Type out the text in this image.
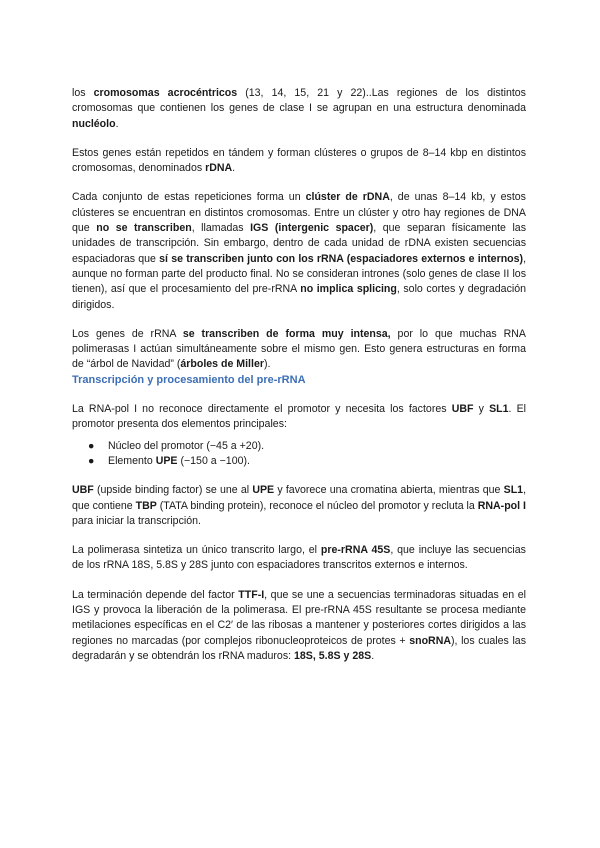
los cromosomas acrocéntricos (13, 14, 15, 21 y 22)..Las regiones de los distintos cromosomas que contienen los genes de clase I se agrupan en una estructura denominada nucléolo.

Estos genes están repetidos en tándem y forman clústeres o grupos de 8–14 kbp en distintos cromosomas, denominados rDNA.

Cada conjunto de estas repeticiones forma un clúster de rDNA, de unas 8–14 kb, y estos clústeres se encuentran en distintos cromosomas. Entre un clúster y otro hay regiones de DNA que no se transcriben, llamadas IGS (intergenic spacer), que separan físicamente las unidades de transcripción. Sin embargo, dentro de cada unidad de rDNA existen secuencias espaciadoras que sí se transcriben junto con los rRNA (espaciadores externos e internos), aunque no forman parte del producto final. No se consideran intrones (solo genes de clase II los tienen), así que el procesamiento del pre-rRNA no implica splicing, solo cortes y degradación dirigidos.

Los genes de rRNA se transcriben de forma muy intensa, por lo que muchas RNA polimerasas I actúan simultáneamente sobre el mismo gen. Esto genera estructuras en forma de “árbol de Navidad” (árboles de Miller).

Transcripción y procesamiento del pre-rRNA

La RNA-pol I no reconoce directamente el promotor y necesita los factores UBF y SL1. El promotor presenta dos elementos principales:

● Núcleo del promotor (−45 a +20).
● Elemento UPE (−150 a −100).

UBF (upside binding factor) se une al UPE y favorece una cromatina abierta, mientras que SL1, que contiene TBP (TATA binding protein), reconoce el núcleo del promotor y recluta la RNA-pol I para iniciar la transcripción.

La polimerasa sintetiza un único transcrito largo, el pre-rRNA 45S, que incluye las secuencias de los rRNA 18S, 5.8S y 28S junto con espaciadores transcritos externos e internos.

La terminación depende del factor TTF-I, que se une a secuencias terminadoras situadas en el IGS y provoca la liberación de la polimerasa. El pre-rRNA 45S resultante se procesa mediante metilaciones específicas en el C2′ de las ribosas a mantener y posteriores cortes dirigidos a las regiones no marcadas (por complejos ribonucleoproteicos de protes + snoRNA), los cuales las degradarán y se obtendrán los rRNA maduros: 18S, 5.8S y 28S.
